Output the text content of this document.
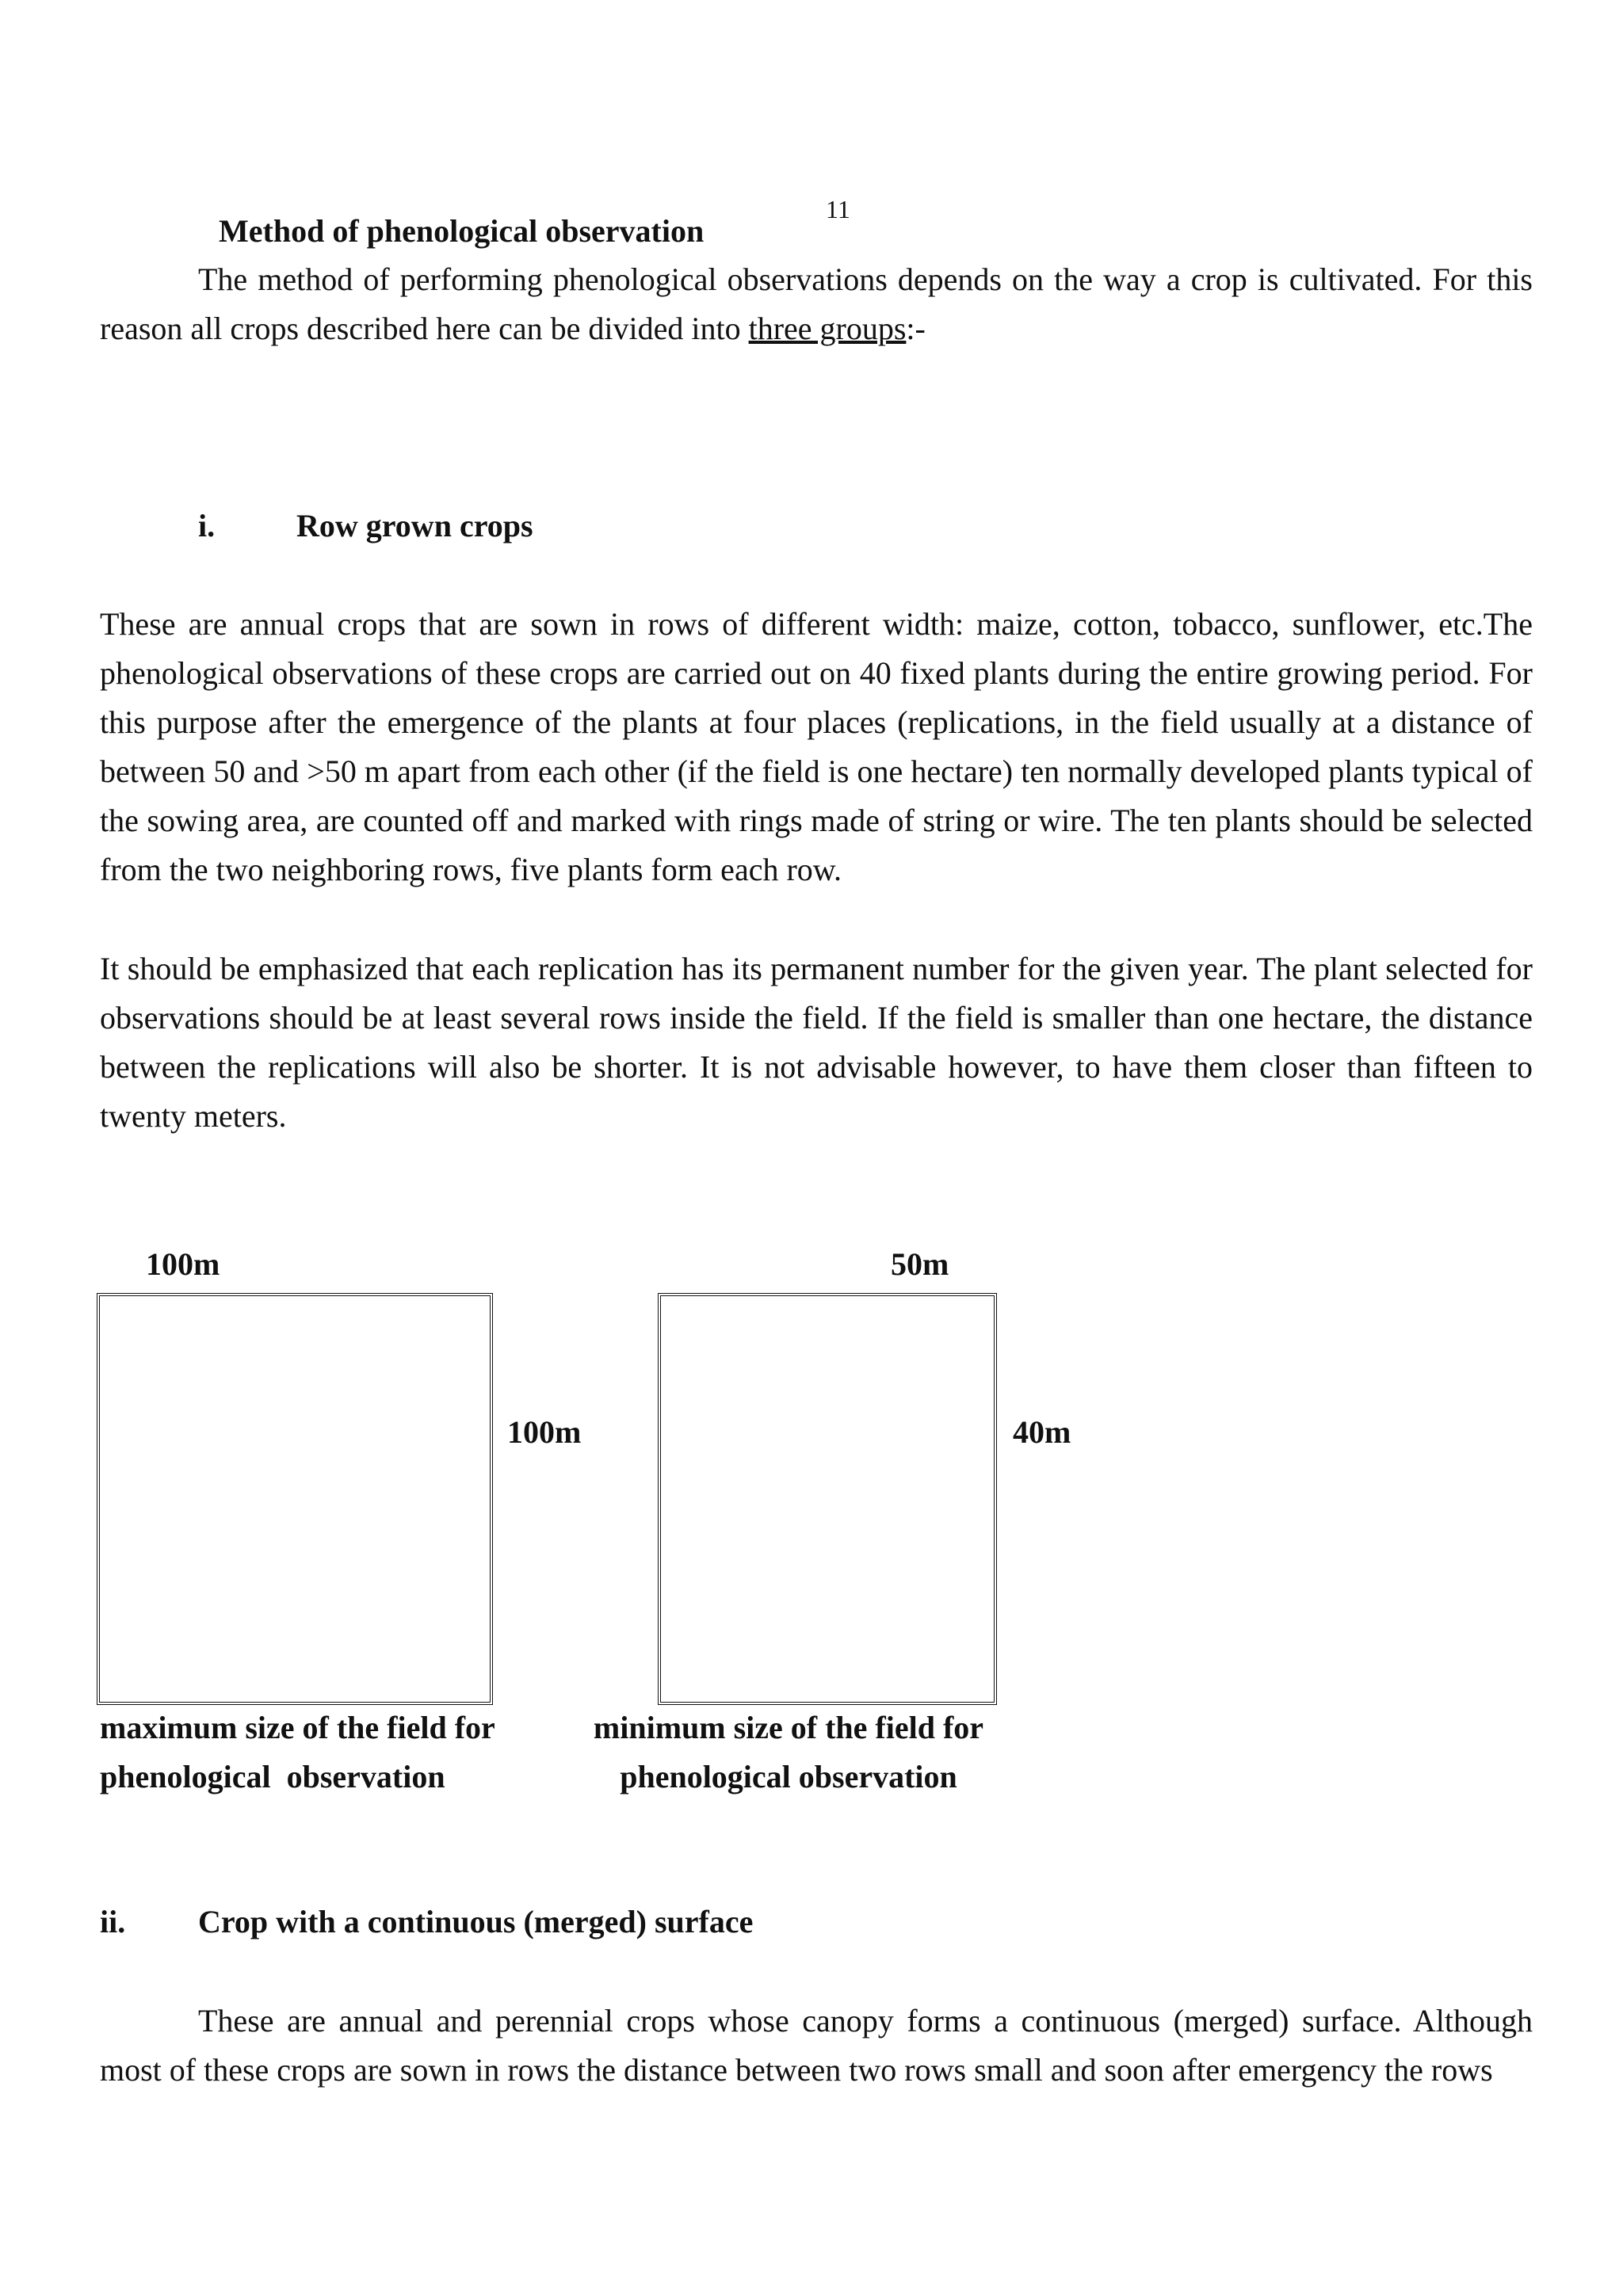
11
Method of phenological observation

The method of performing phenological observations depends on the way a crop is cultivated. For this reason all crops described here can be divided into three groups:-

i.	Row grown crops

These are annual crops that are sown in rows of different width: maize, cotton, tobacco, sunflower, etc.The phenological observations of these crops are carried out on 40 fixed plants during the entire growing period. For this purpose after the emergence of the plants at four places (replications, in the field usually at a distance of between 50 and >50 m apart from each other (if the field is one hectare) ten normally developed plants typical of the sowing area, are counted off and marked with rings made of string or wire. The ten plants should be selected from the two neighboring rows, five plants form each row.

It should be emphasized that each replication has its permanent number for the given year. The plant selected for observations should be at least several rows inside the field. If the field is smaller than one hectare, the distance between the replications will also be shorter. It is not advisable however, to have them closer than fifteen to twenty meters.

100m	50m
100m	40m
maximum size of the field for
phenological  observation
minimum size of the field for
phenological observation
ii. Crop with a continuous (merged) surface

These are annual and perennial crops whose canopy forms a continuous (merged) surface. Although most of these crops are sown in rows the distance between two rows small and soon after emergency the rows
